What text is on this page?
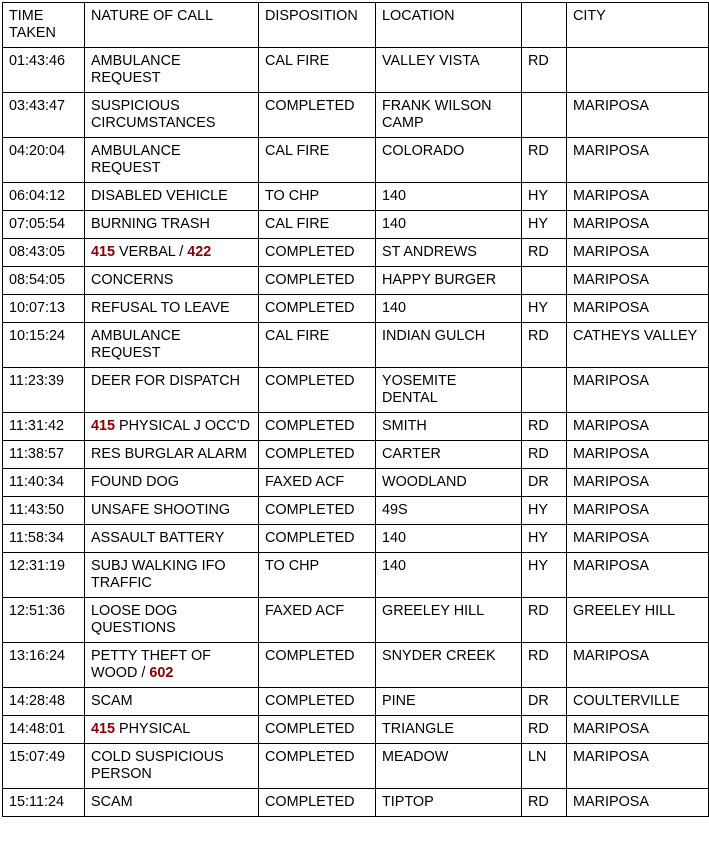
TIME TAKEN	NATURE OF CALL	DISPOSITION	LOCATION		CITY
01:43:46	AMBULANCE REQUEST	CAL FIRE	VALLEY VISTA	RD	
03:43:47	SUSPICIOUS CIRCUMSTANCES	COMPLETED	FRANK WILSON CAMP		MARIPOSA
04:20:04	AMBULANCE REQUEST	CAL FIRE	COLORADO	RD	MARIPOSA
06:04:12	DISABLED VEHICLE	TO CHP	140	HY	MARIPOSA
07:05:54	BURNING TRASH	CAL FIRE	140	HY	MARIPOSA
08:43:05	415 VERBAL / 422	COMPLETED	ST ANDREWS	RD	MARIPOSA
08:54:05	CONCERNS	COMPLETED	HAPPY BURGER		MARIPOSA
10:07:13	REFUSAL TO LEAVE	COMPLETED	140	HY	MARIPOSA
10:15:24	AMBULANCE REQUEST	CAL FIRE	INDIAN GULCH	RD	CATHEYS VALLEY
11:23:39	DEER FOR DISPATCH	COMPLETED	YOSEMITE DENTAL		MARIPOSA
11:31:42	415 PHYSICAL J OCC'D	COMPLETED	SMITH	RD	MARIPOSA
11:38:57	RES BURGLAR ALARM	COMPLETED	CARTER	RD	MARIPOSA
11:40:34	FOUND DOG	FAXED ACF	WOODLAND	DR	MARIPOSA
11:43:50	UNSAFE SHOOTING	COMPLETED	49S	HY	MARIPOSA
11:58:34	ASSAULT BATTERY	COMPLETED	140	HY	MARIPOSA
12:31:19	SUBJ WALKING IFO TRAFFIC	TO CHP	140	HY	MARIPOSA
12:51:36	LOOSE DOG QUESTIONS	FAXED ACF	GREELEY HILL	RD	GREELEY HILL
13:16:24	PETTY THEFT OF WOOD / 602	COMPLETED	SNYDER CREEK	RD	MARIPOSA
14:28:48	SCAM	COMPLETED	PINE	DR	COULTERVILLE
14:48:01	415 PHYSICAL	COMPLETED	TRIANGLE	RD	MARIPOSA
15:07:49	COLD SUSPICIOUS PERSON	COMPLETED	MEADOW	LN	MARIPOSA
15:11:24	SCAM	COMPLETED	TIPTOP	RD	MARIPOSA
